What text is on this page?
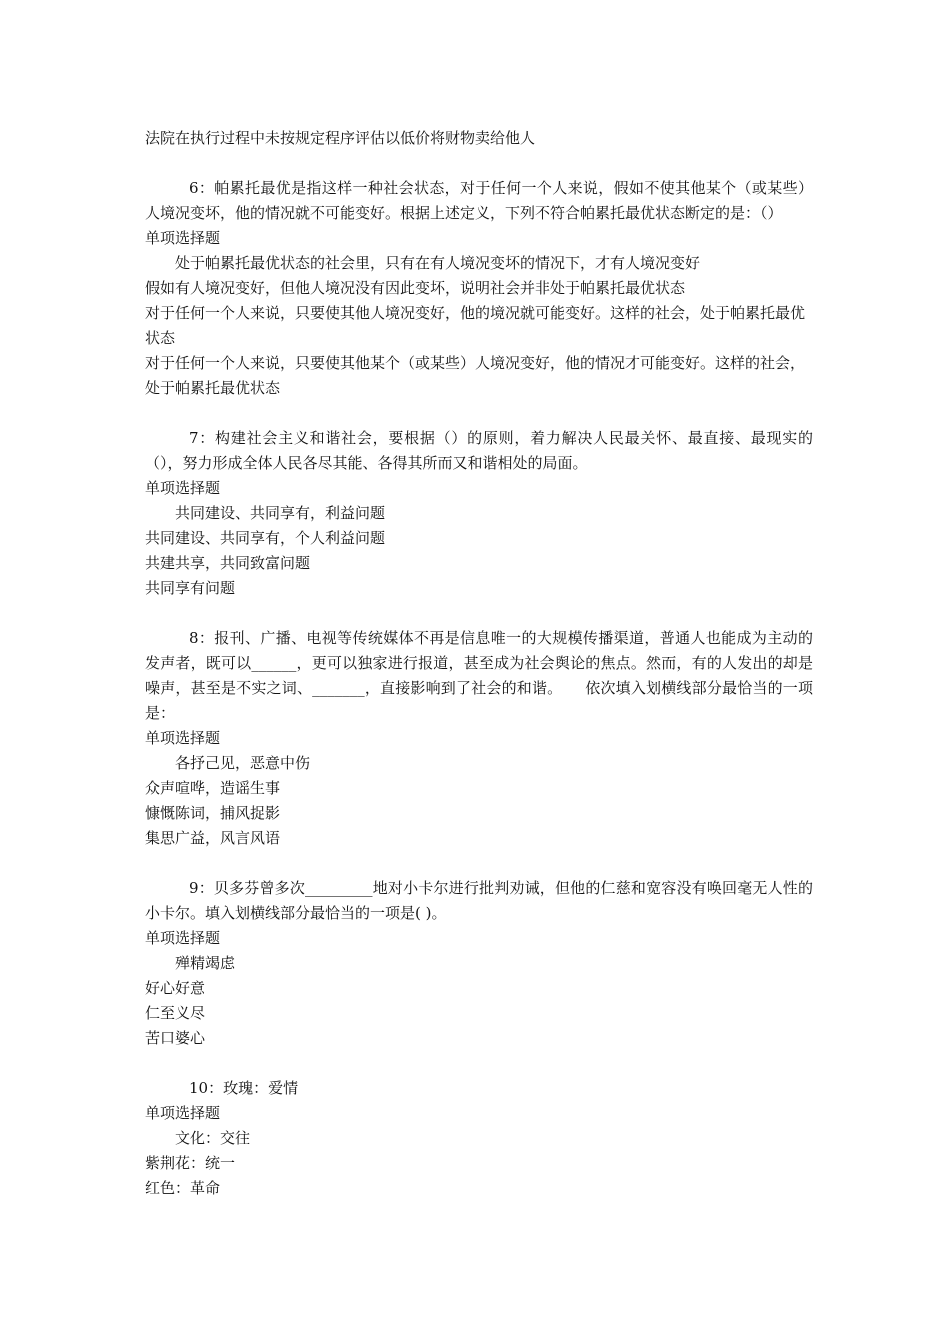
法院在执行过程中未按规定程序评估以低价将财物卖给他人

6：帕累托最优是指这样一种社会状态，对于任何一个人来说，假如不使其他某个（或某些）人境况变坏，他的情况就不可能变好。根据上述定义，下列不符合帕累托最优状态断定的是：（）

单项选择题

处于帕累托最优状态的社会里，只有在有人境况变坏的情况下，才有人境况变好

假如有人境况变好，但他人境况没有因此变坏，说明社会并非处于帕累托最优状态

对于任何一个人来说，只要使其他人境况变好，他的境况就可能变好。这样的社会，处于帕累托最优状态

对于任何一个人来说，只要使其他某个（或某些）人境况变好，他的情况才可能变好。这样的社会，处于帕累托最优状态

7：构建社会主义和谐社会，要根据（）的原则，着力解决人民最关怀、最直接、最现实的（），努力形成全体人民各尽其能、各得其所而又和谐相处的局面。

单项选择题

共同建设、共同享有，利益问题

共同建设、共同享有，个人利益问题

共建共享，共同致富问题

共同享有问题

8：报刊、广播、电视等传统媒体不再是信息唯一的大规模传播渠道，普通人也能成为主动的发声者，既可以______，更可以独家进行报道，甚至成为社会舆论的焦点。然而，有的人发出的却是噪声，甚至是不实之词、_______，直接影响到了社会的和谐。　　依次填入划横线部分最恰当的一项是：

单项选择题

各抒己见，恶意中伤

众声喧哗，造谣生事

慷慨陈词，捕风捉影

集思广益，风言风语

9：贝多芬曾多次_________地对小卡尔进行批判劝诫，但他的仁慈和宽容没有唤回毫无人性的小卡尔。填入划横线部分最恰当的一项是( )。

单项选择题

殚精竭虑

好心好意

仁至义尽

苦口婆心

10：玫瑰：爱情

单项选择题

文化：交往

紫荆花：统一

红色：革命
